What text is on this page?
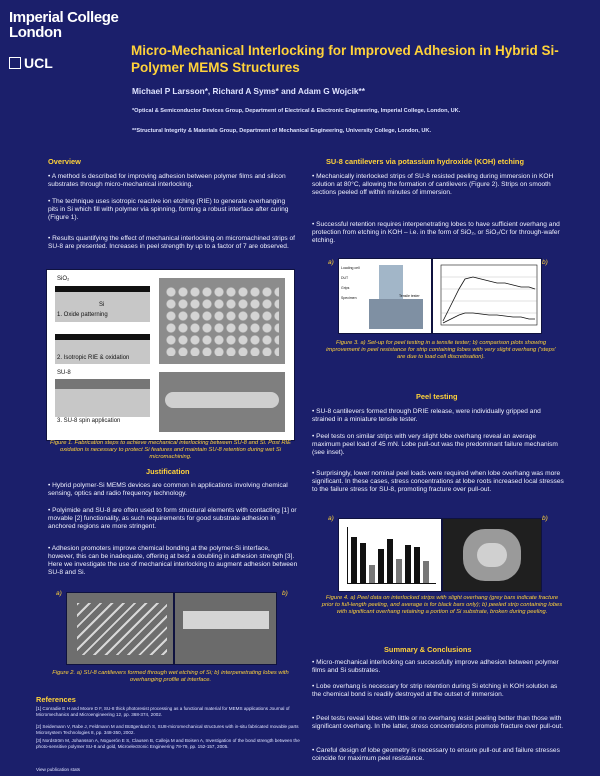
Imperial College London
UCL
Micro-Mechanical Interlocking for Improved Adhesion in Hybrid Si-Polymer MEMS Structures
Michael P Larsson*, Richard A Syms* and Adam G Wojcik**
*Optical & Semiconductor Devices Group, Department of Electrical & Electronic Engineering, Imperial College, London, UK.
**Structural Integrity & Materials Group, Department of Mechanical Engineering, University College, London, UK.
Overview
• A method is described for improving adhesion between polymer films and silicon substrates through micro-mechanical interlocking.
• The technique uses isotropic reactive ion etching (RIE) to generate overhanging pits in Si which fill with polymer via spinning, forming a robust interface after curing (Figure 1).
• Results quantifying the effect of mechanical interlocking on micromachined strips of SU-8 are presented. Increases in peel strength by up to a factor of 7 are observed.
SiO₂
Si
1. Oxide patterning
2. Isotropic RIE & oxidation
SU-8
3. SU-8 spin application
Figure 1. Fabrication steps to achieve mechanical interlocking between SU-8 and Si. Post RIE oxidation is necessary to protect Si features and maintain SU-8 retention during wet Si micromachining.
Justification
• Hybrid polymer-Si MEMS devices are common in applications involving chemical sensing, optics and radio frequency technology.
• Polyimide and SU-8 are often used to form structural elements with contacting [1] or movable [2] functionality, as such requirements for good substrate adhesion in anchored regions are more stringent.
• Adhesion promoters improve chemical bonding at the polymer-Si interface, however, this can be inadequate, offering at best a doubling in adhesion strength [3]. Here we investigate the use of mechanical interlocking to augment adhesion between SU-8 and Si.
a)	b)
Figure 2. a) SU-8 cantilevers formed through wet etching of Si; b) interpenetrating lobes with overhanging profile at interface.
References
[1] Conradie E H and Moore D F, SU-8 thick photoresist processing as a functional material for MEMS applications Journal of Micromechanics and Microengineering 12, pp. 368-374, 2002.
[2] Seidemann V, Rabe J, Feldmann M and Büttgenbach S, SU8-micromechanical structures with in-situ fabricated movable parts Microsystem Technologies 8, pp. 348-350, 2002.
[3] Nordström M, Johansson A, Noguerón E S, Clausen B, Calleja M and Boisen A, Investigation of the bond strength between the photo-sensitive polymer SU-8 and gold, Microelectronic Engineering 78-79, pp. 152-157, 2005.
View publication stats
SU-8 cantilevers via potassium hydroxide (KOH) etching
• Mechanically interlocked strips of SU-8 resisted peeling during immersion in KOH solution at 80°C, allowing the formation of cantilevers (Figure 2). Strips on smooth sections peeled off within minutes of immersion.
• Successful retention requires interpenetrating lobes to have sufficient overhang and protection from etching in KOH – i.e. in the form of SiO₂, or SiO₂/Cr for through-wafer etching.
a)
Loading cell
DUT
Grips
Specimen	Tensile tester
b)
Figure 3. a) Set-up for peel testing in a tensile tester; b) comparison plots showing improvement in peel resistance for strip containing lobes with very slight overhang ('steps' are due to load cell discretisation).
Peel testing
• SU-8 cantilevers formed through DRIE release, were individually gripped and strained in a miniature tensile tester.
• Peel tests on similar strips with very slight lobe overhang reveal an average maximum peel load of 45 mN. Lobe pull-out was the predominant failure mechanism (see inset).
• Surprisingly, lower nominal peel loads were required when lobe overhang was more significant. In these cases, stress concentrations at lobe roots increased local stresses to the failure stress for SU-8, promoting fracture over pull-out.
a)	b)
Figure 4. a) Peel data on interlocked strips with slight overhang (grey bars indicate fracture prior to full-length peeling, and average is for black bars only); b) peeled strip containing lobes with significant overhang retaining a portion of Si substrate, broken during peeling.
Summary & Conclusions
• Micro-mechanical interlocking can successfully improve adhesion between polymer films and Si substrates.
• Lobe overhang is necessary for strip retention during Si etching in KOH solution as the chemical bond is readily destroyed at the outset of immersion.
• Peel tests reveal lobes with little or no overhang resist peeling better than those with significant overhang. In the latter, stress concentrations promote fracture over pull-out.
• Careful design of lobe geometry is necessary to ensure pull-out and failure stresses coincide for maximum peel resistance.
